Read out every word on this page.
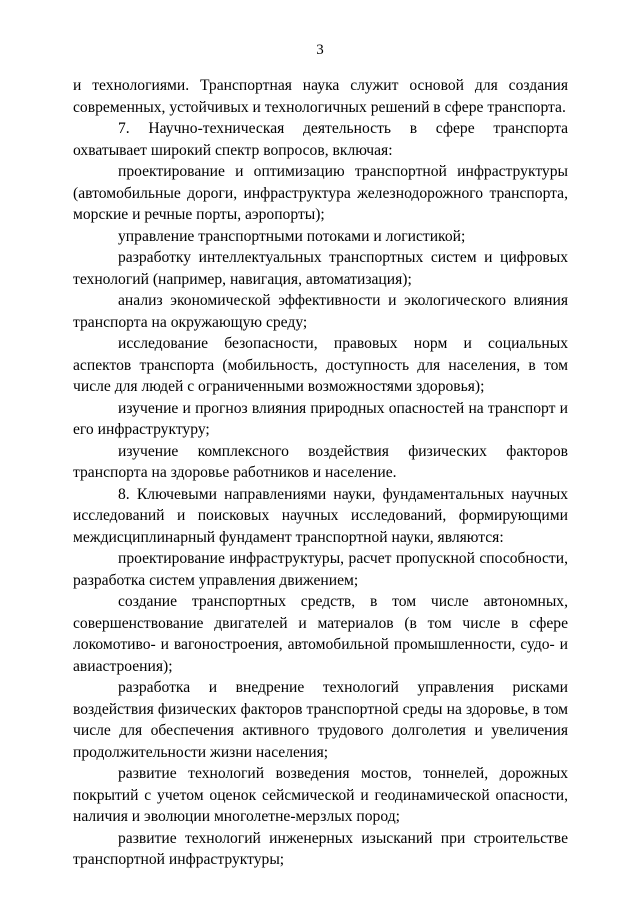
3

и технологиями. Транспортная наука служит основой для создания современных, устойчивых и технологичных решений в сфере транспорта.

7. Научно-техническая деятельность в сфере транспорта охватывает широкий спектр вопросов, включая:

проектирование и оптимизацию транспортной инфраструктуры (автомобильные дороги, инфраструктура железнодорожного транспорта, морские и речные порты, аэропорты);

управление транспортными потоками и логистикой;

разработку интеллектуальных транспортных систем и цифровых технологий (например, навигация, автоматизация);

анализ экономической эффективности и экологического влияния транспорта на окружающую среду;

исследование безопасности, правовых норм и социальных аспектов транспорта (мобильность, доступность для населения, в том числе для людей с ограниченными возможностями здоровья);

изучение и прогноз влияния природных опасностей на транспорт и его инфраструктуру;

изучение комплексного воздействия физических факторов транспорта на здоровье работников и население.

8. Ключевыми направлениями науки, фундаментальных научных исследований и поисковых научных исследований, формирующими междисциплинарный фундамент транспортной науки, являются:

проектирование инфраструктуры, расчет пропускной способности, разработка систем управления движением;

создание транспортных средств, в том числе автономных, совершенствование двигателей и материалов (в том числе в сфере локомотиво- и вагоностроения, автомобильной промышленности, судо- и авиастроения);

разработка и внедрение технологий управления рисками воздействия физических факторов транспортной среды на здоровье, в том числе для обеспечения активного трудового долголетия и увеличения продолжительности жизни населения;

развитие технологий возведения мостов, тоннелей, дорожных покрытий с учетом оценок сейсмической и геодинамической опасности, наличия и эволюции многолетне-мерзлых пород;

развитие технологий инженерных изысканий при строительстве транспортной инфраструктуры;
